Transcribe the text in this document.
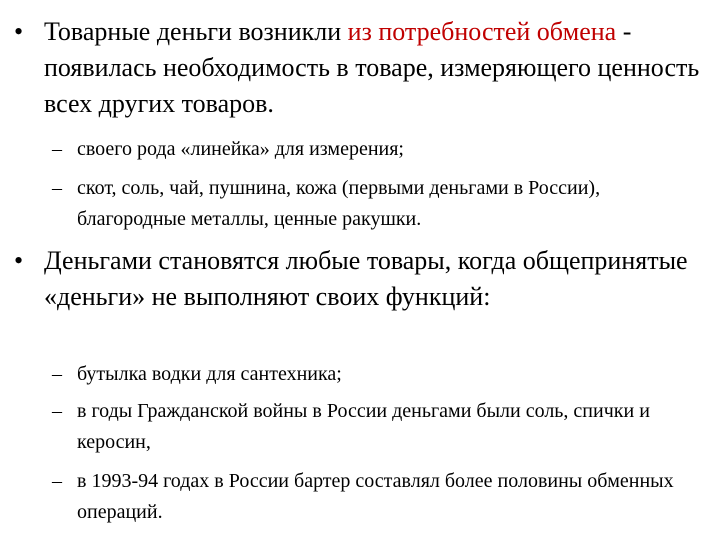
• Товарные деньги возникли из потребностей обмена - появилась необходимость в товаре, измеряющего ценность всех других товаров.
– своего рода «линейка» для измерения;
– скот, соль, чай, пушнина, кожа (первыми деньгами в России), благородные металлы, ценные ракушки.
• Деньгами становятся любые товары, когда общепринятые «деньги» не выполняют своих функций:
– бутылка водки для сантехника;
– в годы Гражданской войны в России деньгами были соль, спички и керосин,
– в 1993-94 годах в России бартер составлял более половины обменных операций.
